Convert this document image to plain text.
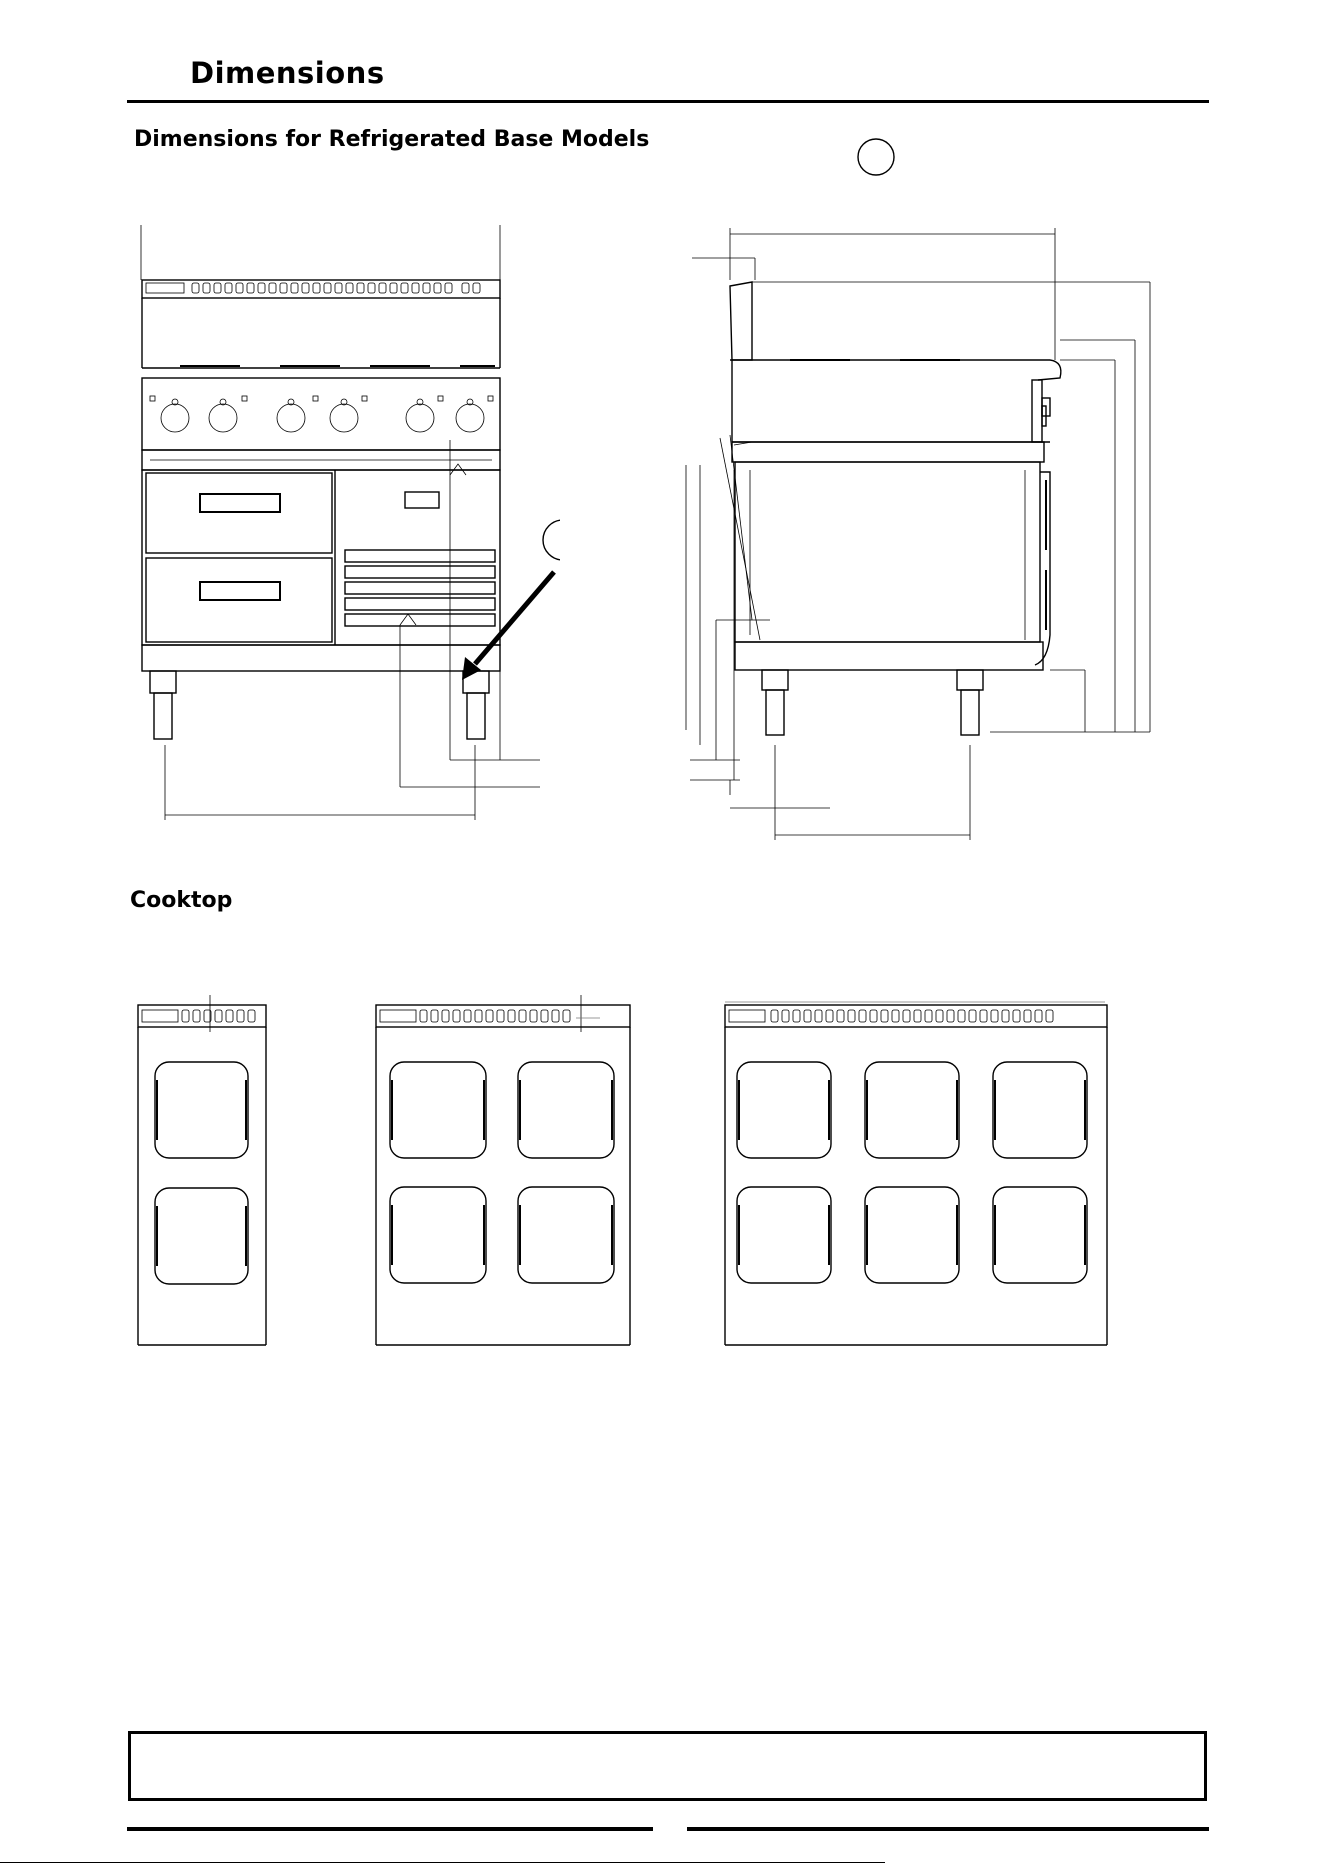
Dimensions
Dimensions for Refrigerated Base Models
Cooktop
